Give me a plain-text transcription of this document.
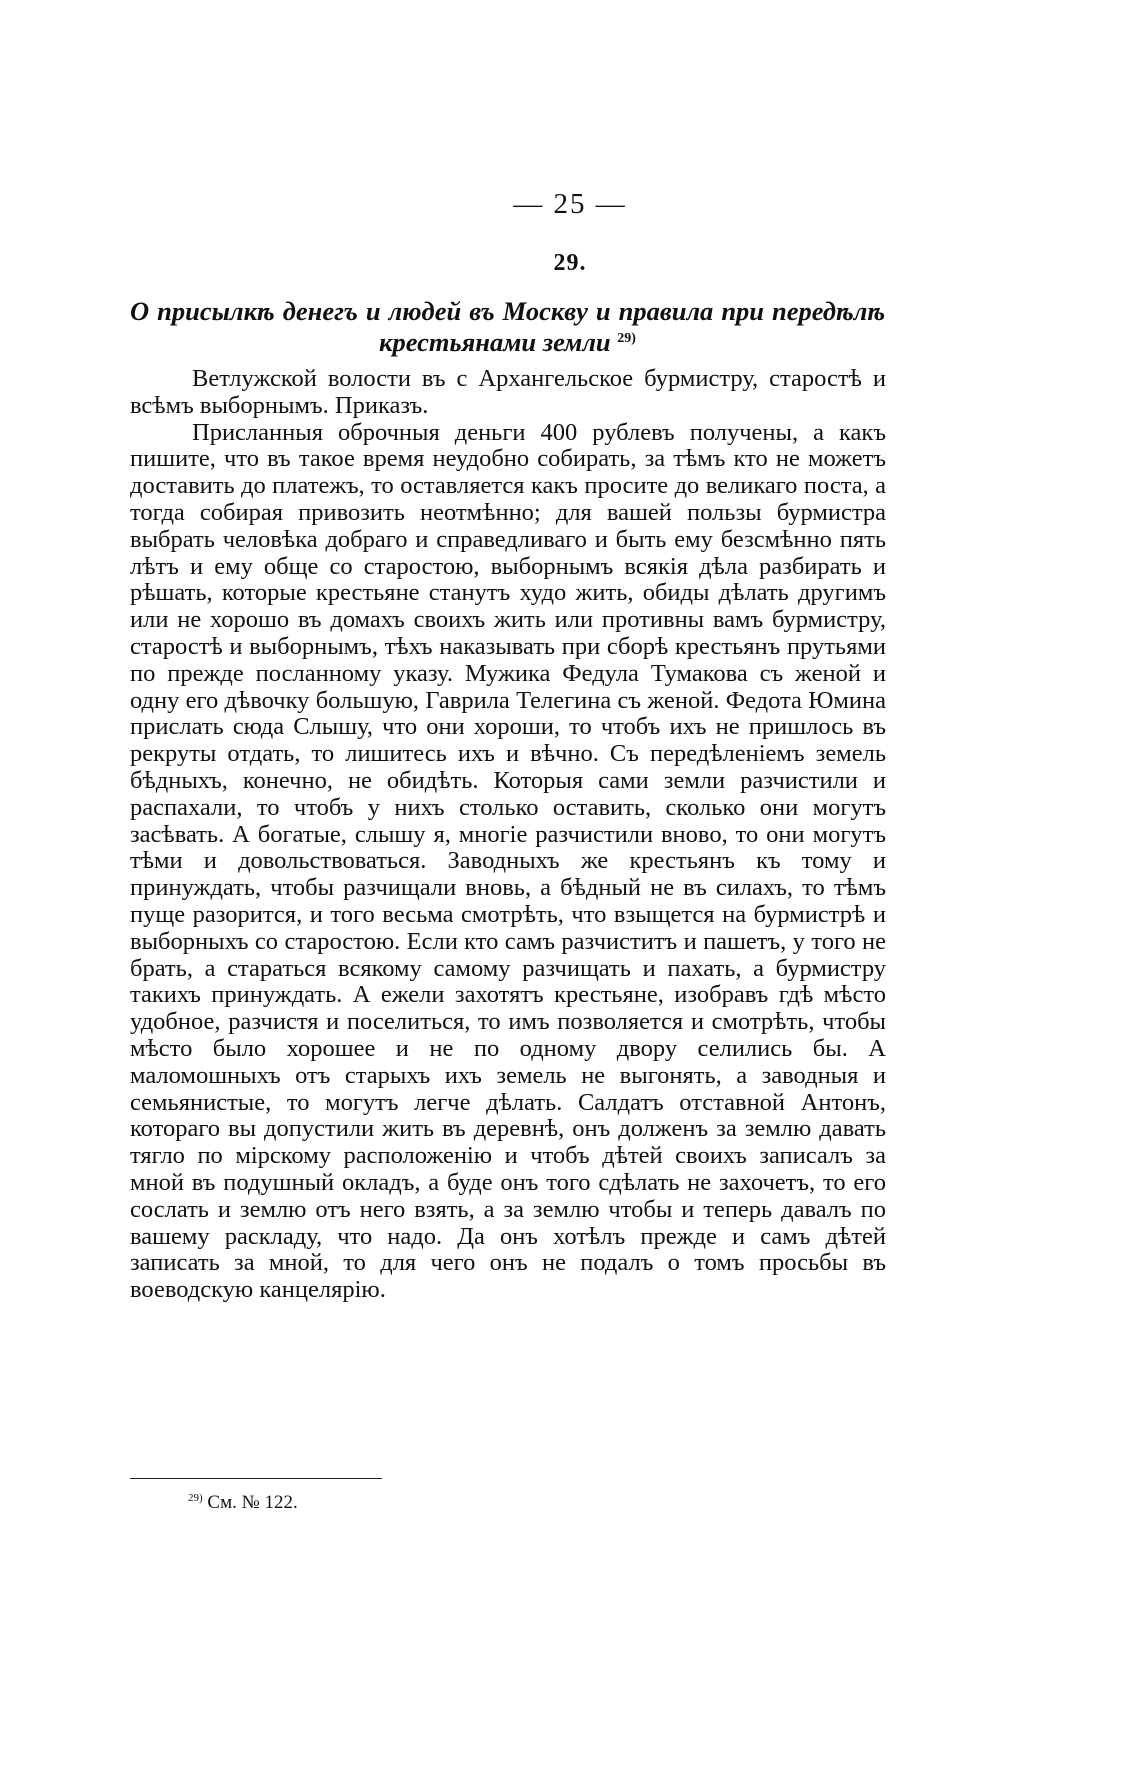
— 25 —
29.
О присылкѣ денегъ и людей въ Москву и правила при передѣлѣ крестьянами земли $^{29)}$

Ветлужской волости въ с Архангельское бурмистру, старостѣ и всѣмъ выборнымъ. Приказъ.

Присланныя оброчныя деньги 400 рублевъ получены, а какъ пишите, что въ такое время неудобно собирать, за тѣмъ кто не можетъ доставить до платежъ, то оставляется какъ просите до великаго поста, а тогда собирая привозить неотмѣнно; для вашей пользы бурмистра выбрать человѣка добраго и справедливаго и быть ему безсмѣнно пять лѣтъ и ему обще со старостою, выборнымъ всякія дѣла разбирать и рѣшать, которые крестьяне станутъ худо жить, обиды дѣлать другимъ или не хорошо въ домахъ своихъ жить или противны вамъ бурмистру, старостѣ и выборнымъ, тѣхъ наказывать при сборѣ крестьянъ прутьями по прежде посланному указу. Мужика Федула Тумакова съ женой и одну его дѣвочку большую, Гаврила Телегина съ женой. Федота Юмина прислать сюда Слышу, что они хороши, то чтобъ ихъ не пришлось въ рекруты отдать, то лишитесь ихъ и вѣчно. Съ передѣленіемъ земель бѣдныхъ, конечно, не обидѣть. Которыя сами земли разчистили и распахали, то чтобъ у нихъ столько оставить, сколько они могутъ засѣвать. А богатые, слышу я, многіе разчистили вново, то они могутъ тѣми и довольствоваться. Заводныхъ же крестьянъ къ тому и принуждать, чтобы разчищали вновь, а бѣдный не въ силахъ, то тѣмъ пуще разорится, и того весьма смотрѣть, что взыщется на бурмистрѣ и выборныхъ со старостою. Если кто самъ разчиститъ и пашетъ, у того не брать, а стараться всякому самому разчищать и пахать, а бурмистру такихъ принуждать. А ежели захотятъ крестьяне, изобравъ гдѣ мѣсто удобное, разчистя и поселиться, то имъ позволяется и смотрѣть, чтобы мѣсто было хорошее и не по одному двору селились бы. А маломошныхъ отъ старыхъ ихъ земель не выгонять, а заводныя и семьянистые, то могутъ легче дѣлать. Салдатъ отставной Антонъ, котораго вы допустили жить въ деревнѣ, онъ долженъ за землю давать тягло по мірскому расположенію и чтобъ дѣтей своихъ записалъ за мной въ подушный окладъ, а буде онъ того сдѣлать не захочетъ, то его сослать и землю отъ него взять, а за землю чтобы и теперь давалъ по вашему раскладу, что надо. Да онъ хотѣлъ прежде и самъ дѣтей записать за мной, то для чего онъ не подалъ о томъ просьбы въ воеводскую канцелярію.

$^{29)}$ См. № 122.
